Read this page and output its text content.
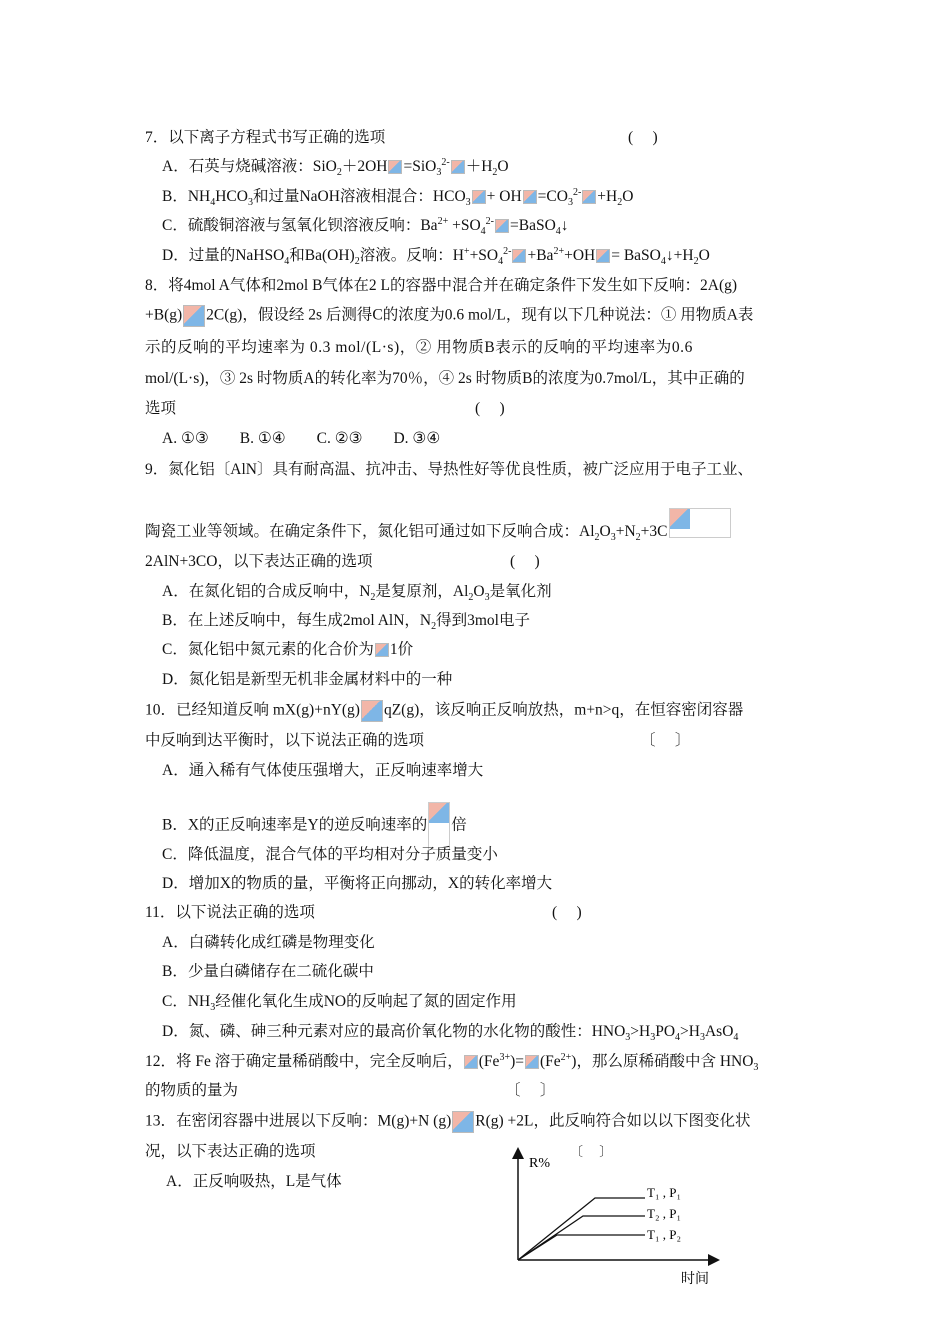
7．以下离子方程式书写正确的选项	(　 )
A．石英与烧碱溶液：$SiO_2+2OH =SiO_3^{2-} +H_2O$
B．$NH_4HCO_3$和过量NaOH溶液相混合：$HCO_3$ + OH $=CO_3^{2-} +H_2O$
C．硫酸铜溶液与氢氧化钡溶液反响：$Ba^{2+} +SO_4^{2-}$ =BaSO$_4$↓
D．过量的NaHSO$_4$和$Ba(OH)_2$溶液。反响：$H^++SO_4^{2-} +Ba^{2+}+OH$ = $BaSO_4↓+H_2O$
8．将4mol A气体和2mol B气体在2 L的容器中混合并在确定条件下发生如下反响：2A(g)
+B(g) 2C(g)，假设经 2s 后测得C的浓度为0.6 mol/L，现有以下几种说法：① 用物质A表
示的反响的平均速率为 0.3 mol/(L·s)，② 用物质B表示的反响的平均速率为0.6
mol/(L·s)，③ 2s 时物质A的转化率为70％，④ 2s 时物质B的浓度为0.7mol/L，其中正确的
选项	(　 )
A. ①③　　B. ①④　　C. ②③　　D. ③④
9．氮化铝〔AlN〕具有耐高温、抗冲击、导热性好等优良性质，被广泛应用于电子工业、
陶瓷工业等领域。在确定条件下，氮化铝可通过如下反响合成：$Al_2O_3+N_2+3C$
2AlN+3CO，以下表达正确的选项	(　 )
A．在氮化铝的合成反响中，$N_2$是复原剂，$Al_2O_3$是氧化剂
B．在上述反响中，每生成2mol AlN，$N_2$得到3mol电子
C．氮化铝中氮元素的化合价为 1价
D．氮化铝是新型无机非金属材料中的一种
10．已经知道反响 mX(g)+nY(g) qZ(g)，该反响正反响放热，m+n>q，在恒容密闭容器
中反响到达平衡时，以下说法正确的选项	〔　 〕
A．通入稀有气体使压强增大，正反响速率增大
B．X的正反响速率是Y的逆反响速率的 倍
C．降低温度，混合气体的平均相对分子质量变小
D．增加X的物质的量，平衡将正向挪动，X的转化率增大
11．以下说法正确的选项	(　 )
A．白磷转化成红磷是物理变化
B．少量白磷储存在二硫化碳中
C．$NH_3$经催化氧化生成NO的反响起了氮的固定作用
D．氮、磷、砷三种元素对应的最高价氧化物的水化物的酸性：$HNO_3>H_3PO_4>H_3AsO_4$
12．将 Fe 溶于确定量稀硝酸中，完全反响后， $(Fe^{3+})= (Fe^{2+})$，那么原稀硝酸中含 $HNO_3$
的物质的量为	〔　 〕
13．在密闭容器中进展以下反响：M(g)+N (g) R(g) +2L，此反响符合如以以下图变化状
况，以下表达正确的选项	〔　 〕
A．正反响吸热，L是气体
R%
时间
T₁ , P₁
T₂ , P₁
T₁ , P₂
